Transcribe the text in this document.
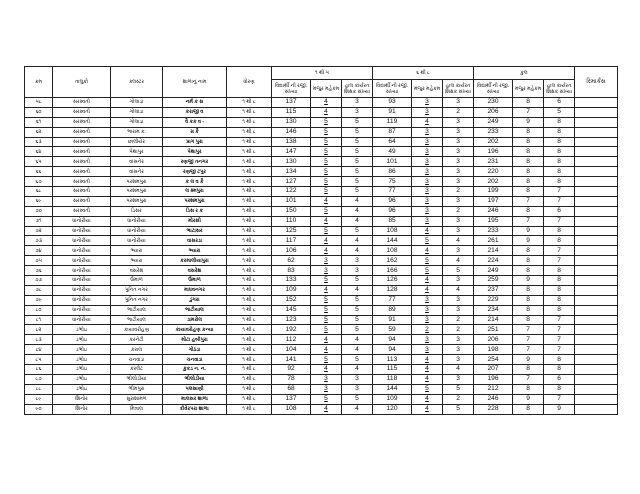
ક્રમ	તાલુકો	ક્લસ્ટર	શાળાનું નામ	ધોરણ	૧ થી ૫			૬ થી ૮			કુલ			રિમાર્કસ
					વિદ્યાર્થી ની રજી. સંખ્યા	મંજુર મહેકમ	હાલ કાર્યરત શિક્ષક સંખ્યા	વિદ્યાર્થી ની રજી. સંખ્યા	મંજુર મહેકમ	હાલ કાર્યરત શિક્ષક સંખ્યા	વિદ્યાર્થી ની રજી. સંખ્યા	મંજુર મહેકમ	હાલ કાર્યરત શિક્ષક સંખ્યા	
૫૮	સરસ્વતી	ગોલાડા	નર્મ ક સ	૧ થી ૮	137	4	3	93	3	3	230	8	6	
૬૦	સરસ્વતી	ગોલાડા	કરાજી વ	૧ થી ૮	115	4	3	91	3	2	206	7	5	
૬૧	સરસ્વતી	ગોલાડા	વૈ કક વ -	૧ થી ૮	130	5	5	119	4	3	249	9	8	
૬૨	સરસ્વતી	ભારામ ક.	ગ્ર કૈ	૧ થી ૮	146	5	5	87	3	3	233	8	8	
૬૩	સરસ્વતી	છાલીયેર	પ્રાગ પુરા	૧ થી ૮	138	5	5	64	3	3	202	8	8	
૬૪	સરસ્વતી	પેથાપુર	પેથાપુર	૧ થી ૮	147	5	5	49	3	3	196	8	8	
૬૫	સરસ્વતી	વાંસનેર	રણજી તનગર	૧ થી ૮	130	5	5	101	3	3	231	8	8	
૬૬	સરસ્વતી	વાંસનેર	રણજી ટપુર	૧ થી ૮	134	5	5	86	3	3	220	8	8	
૬૭	સરસ્વતી	પરશમપુરા	ક લ વ કૈ	૧ થી ૮	127	5	5	75	3	3	202	8	8	
૬૮	સરસ્વતી	પરશમપુરા	લ ક્ષ્મપુરા	૧ થી ૮	122	5	5	77	3	2	199	8	7	
૬૯	સરસ્વતી	પરશમપુરા	પરશમપુરા	૧ થી ૮	101	4	4	96	3	3	197	7	7	
૭૦	સરસ્વતી	ડિસર	ડિસ ર ક	૧ થી ૮	150	5	4	96	3	2	246	8	6	
૭૧	ધાનોરીયા	ધાનોરીયા	મોરસી	૧ થી ૮	110	4	4	85	3	3	195	7	7	
૭૨	ધાનોરીયા	ધાનોરીયા	ભાટાસર	૧ થી ૮	125	5	5	108	4	3	233	9	8	
૭૩	ધાનોરીયા	ધાનોરીયા	વાસરડા	૧ થી ૮	117	4	4	144	5	4	261	9	8	
૭૪	ધાનોરીયા	ભ્યારા	ભ્યારા	૧ થી ૮	106	4	4	108	4	3	214	8	7	
૭૫	ધાનોરીયા	ભ્યારા	કરમાલીયાપુરા	૧ થી ૮	62	3	3	162	5	4	224	8	7	
૭૬	ધાનોરીયા	વસરેશ	વસરેશ	૧ થી ૮	83	3	3	166	5	5	249	8	8	
૭૭	ધાનોરીયા	ઉમાળ	ઉમાળ	૧ થી ૮	133	5	5	126	4	3	259	9	8	
૭૮	ધાનોરીયા	પુનિત નગર	માધવનગર	૧ થી ૮	109	4	4	128	4	4	237	8	8	
૭૯	ધાનોરીયા	પુનિત નગર	ડુંગરા	૧ થી ૮	152	5	5	77	3	3	229	8	8	
૮૦	ધાનોરીયા	ભાટીયાલ	ભાટીયાલ	૧ થી ૮	145	5	5	89	3	3	234	8	8	
૮૧	ધાનોરીયા	ભાટીયાલ	ડામરોલ	૧ થી ૮	123	5	5	91	3	2	214	8	7	
૮૨	ડભોઇ	કાયાવરોહણ	કાયાવરોહણ કન્યા	૧ થી ૮	192	5	5	59	2	2	251	7	7	
૮૩	ડભોઇ	કરનેટી	મોટા હબીપુરા	૧ થી ૮	112	4	4	94	3	3	206	7	7	
૮૪	ડભોઇ	કરાલ	ગોઠડા	૧ થી ૮	104	4	4	94	3	3	198	7	7	
૮૫	ડભોઇ	ચનવાડા	ચનવાડા	૧ થી ૮	141	5	5	113	4	3	254	9	8	
૮૬	ડભોઇ	કરલેટ	કુકડ ન. ન.	૧ થી ૮	92	4	4	115	4	4	207	8	8	
૮૭	ડભોઇ	ભીલોડીયા	ભીલોડીયા	૧ થી ૮	78	3	3	118	4	3	196	7	6	
૮૮	ડભોઇ	ભીમપુરા	પલસાણી	૧ થી ૮	68	3	3	144	5	5	212	8	8	
૮૯	શિનોર	સુરાશામળ	માલસર શાળા	૧ થી ૮	137	5	5	109	4	2	246	9	7	
૯૦	શિનોર	મિત્રાલ	દીવેરપરા શાળા	૧ થી ૮	108	4	4	120	4	5	228	8	9	
